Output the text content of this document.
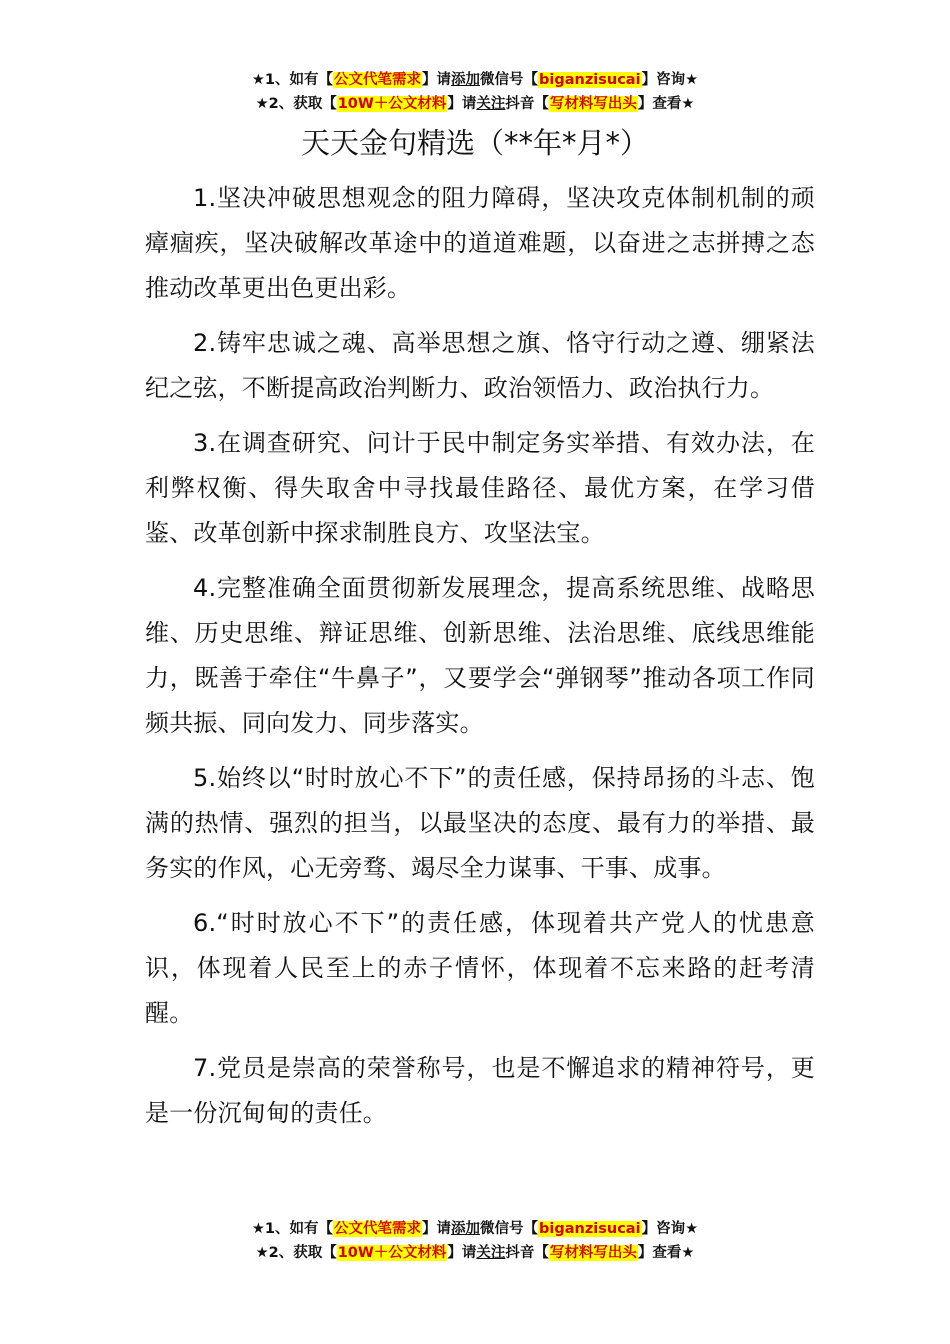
★1、如有【公文代笔需求】请添加微信号【biganzisucai】咨询★
★2、获取【10W＋公文材料】请关注抖音【写材料写出头】查看★
天天金句精选（**年*月*）

1.坚决冲破思想观念的阻力障碍，坚决攻克体制机制的顽瘴痼疾，坚决破解改革途中的道道难题，以奋进之志拼搏之态推动改革更出色更出彩。

2.铸牢忠诚之魂、高举思想之旗、恪守行动之遵、绷紧法纪之弦，不断提高政治判断力、政治领悟力、政治执行力。

3.在调查研究、问计于民中制定务实举措、有效办法，在利弊权衡、得失取舍中寻找最佳路径、最优方案，在学习借鉴、改革创新中探求制胜良方、攻坚法宝。

4.完整准确全面贯彻新发展理念，提高系统思维、战略思维、历史思维、辩证思维、创新思维、法治思维、底线思维能力，既善于牵住“牛鼻子”，又要学会“弹钢琴”推动各项工作同频共振、同向发力、同步落实。

5.始终以“时时放心不下”的责任感，保持昂扬的斗志、饱满的热情、强烈的担当，以最坚决的态度、最有力的举措、最务实的作风，心无旁骛、竭尽全力谋事、干事、成事。

6.“时时放心不下”的责任感，体现着共产党人的忧患意识，体现着人民至上的赤子情怀，体现着不忘来路的赶考清醒。

7.党员是崇高的荣誉称号，也是不懈追求的精神符号，更是一份沉甸甸的责任。

★1、如有【公文代笔需求】请添加微信号【biganzisucai】咨询★
★2、获取【10W＋公文材料】请关注抖音【写材料写出头】查看★
